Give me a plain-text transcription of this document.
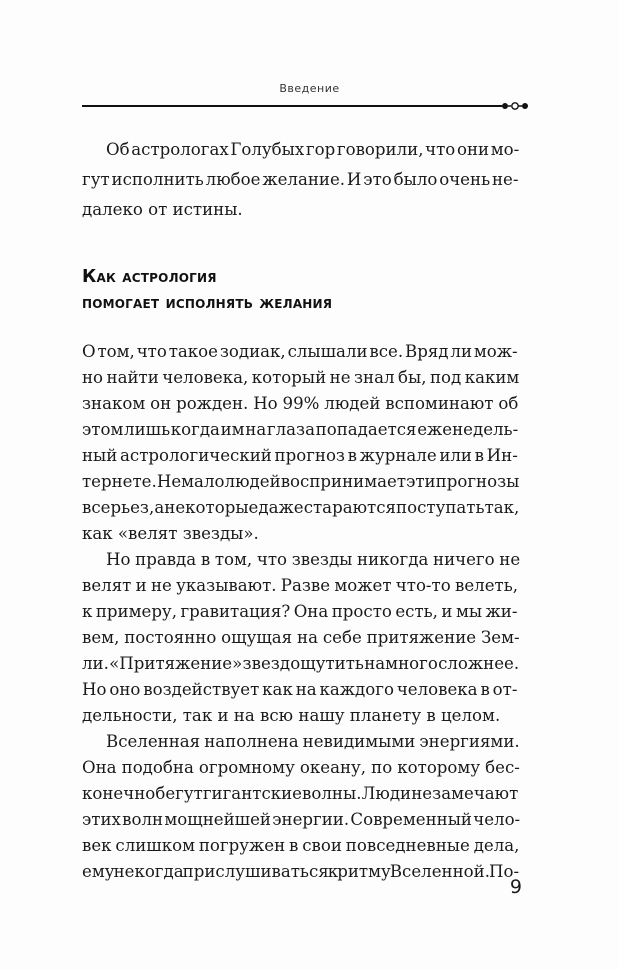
Введение
Об астрологах Голубых гор говорили, что они мо-
гут исполнить любое желание. И это было очень не-
далеко от истины.
Как астрология
помогает исполнять желания
О том, что такое зодиак, слышали все. Вряд ли мож-
но найти человека, который не знал бы, под каким
знаком он рожден. Но 99% людей вспоминают об
этом лишь когда им на глаза попадается еженедель-
ный астрологический прогноз в журнале или в Ин-
тернете. Немало людей воспринимает эти прогнозы
всерьез, а некоторые даже стараются поступать так,
как «велят звезды».
Но правда в том, что звезды никогда ничего не
велят и не указывают. Разве может что-то велеть,
к примеру, гравитация? Она просто есть, и мы жи-
вем, постоянно ощущая на себе притяжение Зем-
ли. «Притяжение» звезд ощутить намного сложнее.
Но оно воздействует как на каждого человека в от-
дельности, так и на всю нашу планету в целом.
Вселенная наполнена невидимыми энергиями.
Она подобна огромному океану, по которому бес-
конечно бегут гигантские волны. Люди не замечают
этих волн мощнейшей энергии. Современный чело-
век слишком погружен в свои повседневные дела,
ему некогда прислушиваться к ритму Вселенной. По-
9
